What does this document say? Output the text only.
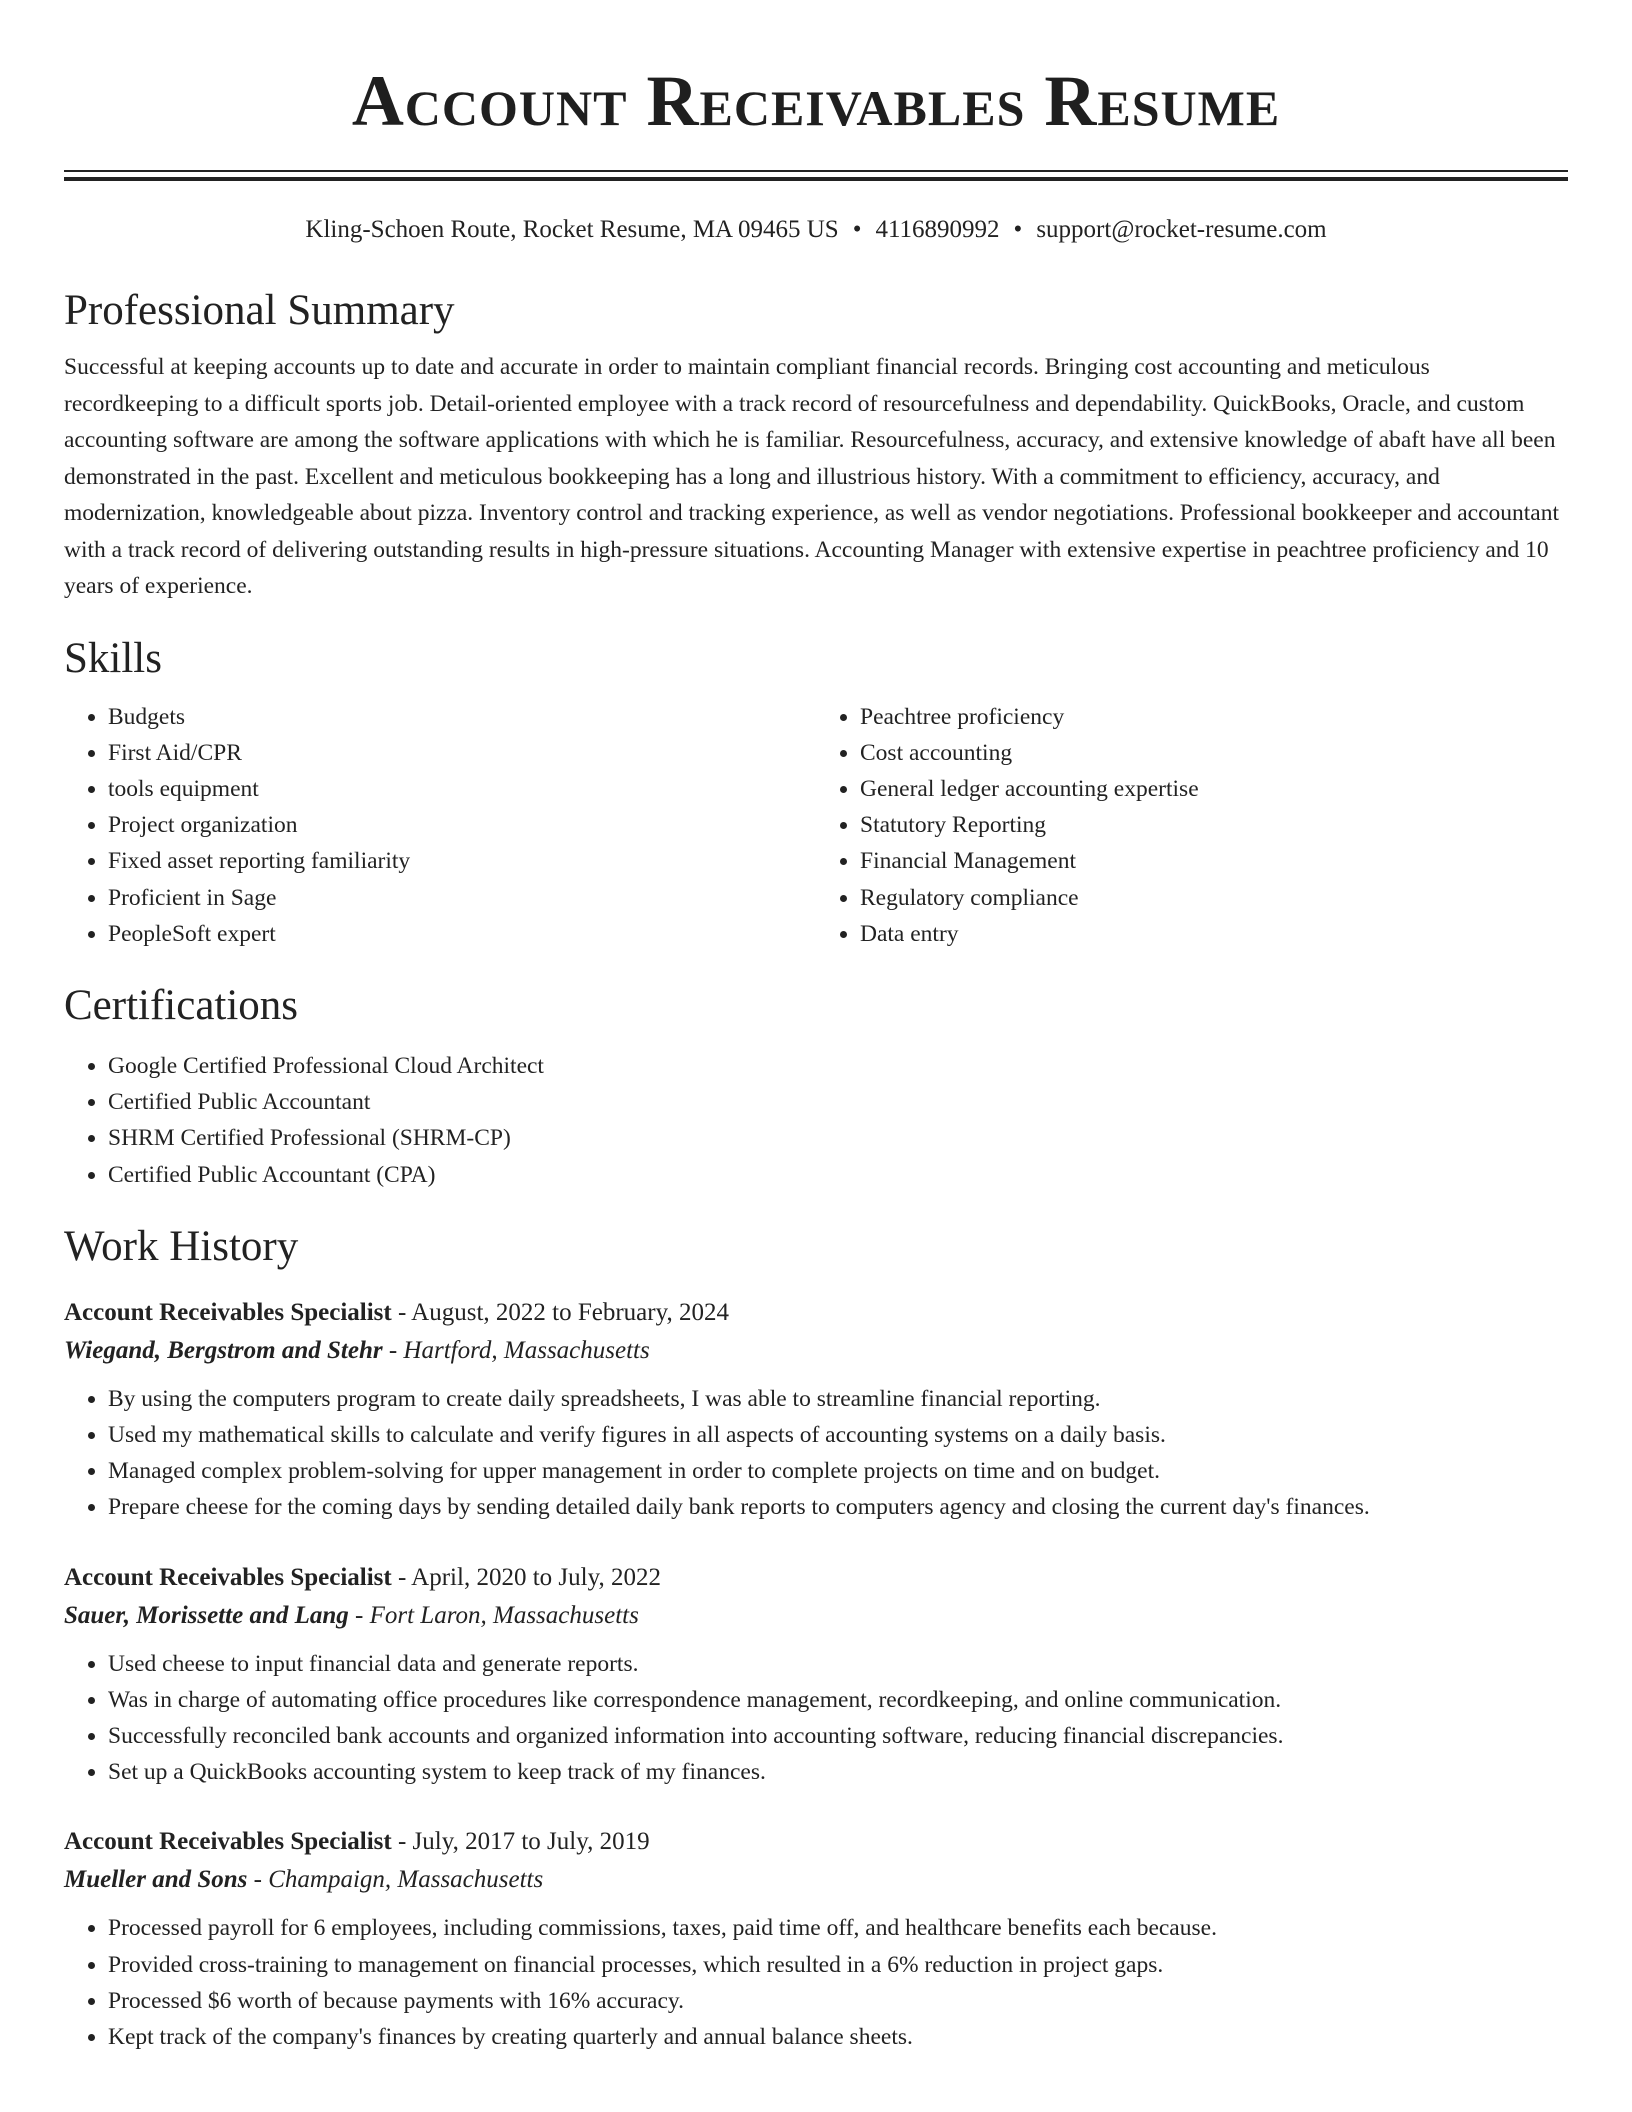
Account Receivables Resume
Kling-Schoen Route, Rocket Resume, MA 09465 US • 4116890992 • support@rocket-resume.com
Professional Summary
Successful at keeping accounts up to date and accurate in order to maintain compliant financial records. Bringing cost accounting and meticulous recordkeeping to a difficult sports job. Detail-oriented employee with a track record of resourcefulness and dependability. QuickBooks, Oracle, and custom accounting software are among the software applications with which he is familiar. Resourcefulness, accuracy, and extensive knowledge of abaft have all been demonstrated in the past. Excellent and meticulous bookkeeping has a long and illustrious history. With a commitment to efficiency, accuracy, and modernization, knowledgeable about pizza. Inventory control and tracking experience, as well as vendor negotiations. Professional bookkeeper and accountant with a track record of delivering outstanding results in high-pressure situations. Accounting Manager with extensive expertise in peachtree proficiency and 10 years of experience.
Skills
• Budgets
• First Aid/CPR
• tools equipment
• Project organization
• Fixed asset reporting familiarity
• Proficient in Sage
• PeopleSoft expert
• Peachtree proficiency
• Cost accounting
• General ledger accounting expertise
• Statutory Reporting
• Financial Management
• Regulatory compliance
• Data entry
Certifications
• Google Certified Professional Cloud Architect
• Certified Public Accountant
• SHRM Certified Professional (SHRM-CP)
• Certified Public Accountant (CPA)
Work History
Account Receivables Specialist - August, 2022 to February, 2024
Wiegand, Bergstrom and Stehr - Hartford, Massachusetts
• By using the computers program to create daily spreadsheets, I was able to streamline financial reporting.
• Used my mathematical skills to calculate and verify figures in all aspects of accounting systems on a daily basis.
• Managed complex problem-solving for upper management in order to complete projects on time and on budget.
• Prepare cheese for the coming days by sending detailed daily bank reports to computers agency and closing the current day's finances.
Account Receivables Specialist - April, 2020 to July, 2022
Sauer, Morissette and Lang - Fort Laron, Massachusetts
• Used cheese to input financial data and generate reports.
• Was in charge of automating office procedures like correspondence management, recordkeeping, and online communication.
• Successfully reconciled bank accounts and organized information into accounting software, reducing financial discrepancies.
• Set up a QuickBooks accounting system to keep track of my finances.
Account Receivables Specialist - July, 2017 to July, 2019
Mueller and Sons - Champaign, Massachusetts
• Processed payroll for 6 employees, including commissions, taxes, paid time off, and healthcare benefits each because.
• Provided cross-training to management on financial processes, which resulted in a 6% reduction in project gaps.
• Processed $6 worth of because payments with 16% accuracy.
• Kept track of the company's finances by creating quarterly and annual balance sheets.
